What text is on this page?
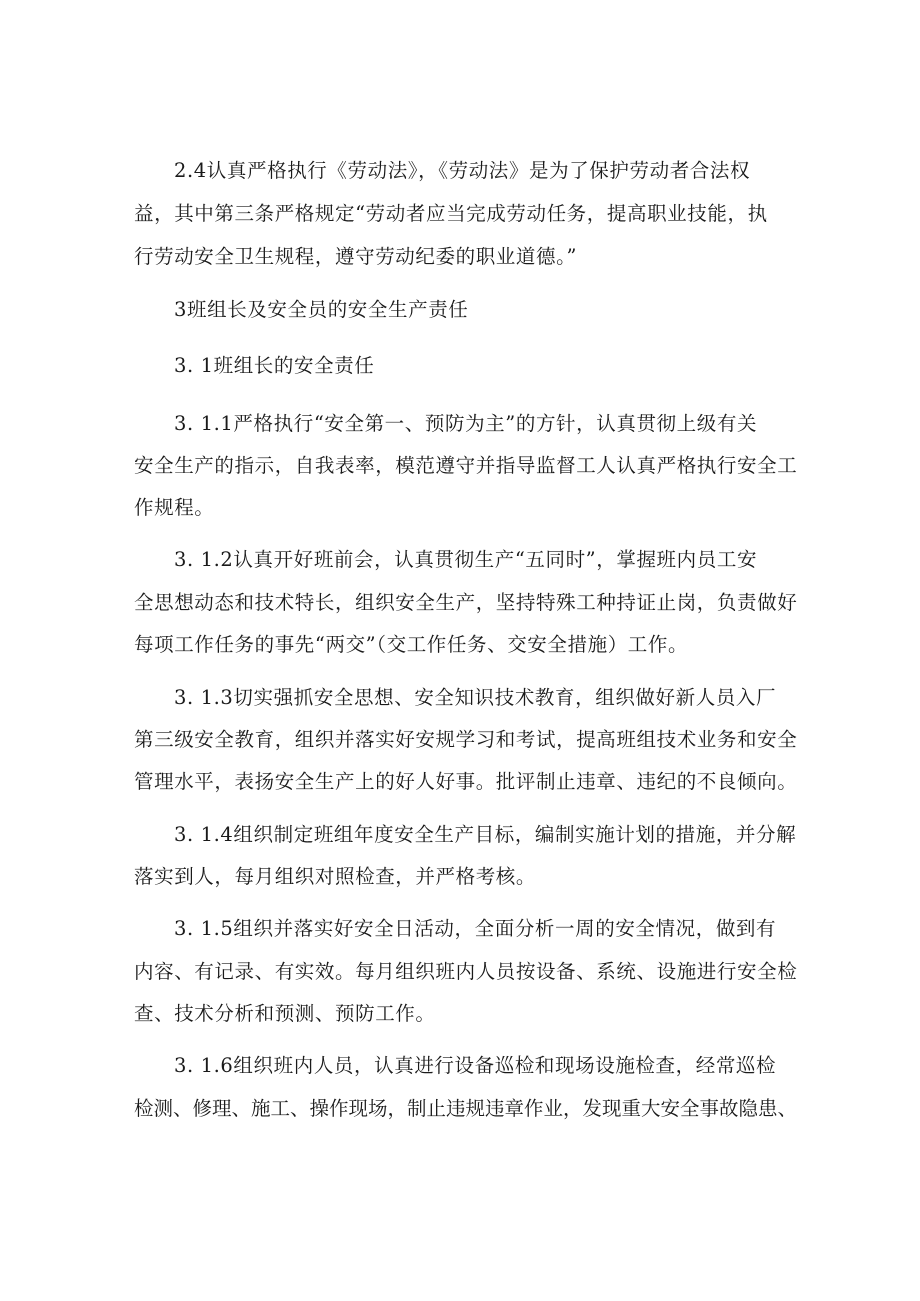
2.4认真严格执行《劳动法》，《劳动法》是为了保护劳动者合法权
益，其中第三条严格规定“劳动者应当完成劳动任务，提高职业技能，执
行劳动安全卫生规程，遵守劳动纪委的职业道德。”
3班组长及安全员的安全生产责任
3. 1班组长的安全责任
3. 1.1严格执行“安全第一、预防为主”的方针，认真贯彻上级有关
安全生产的指示，自我表率，模范遵守并指导监督工人认真严格执行安全工
作规程。
3. 1.2认真开好班前会，认真贯彻生产“五同时”，掌握班内员工安
全思想动态和技术特长，组织安全生产，坚持特殊工种持证止岗，负责做好
每项工作任务的事先“两交”（交工作任务、交安全措施）工作。
3. 1.3切实强抓安全思想、安全知识技术教育，组织做好新人员入厂
第三级安全教育，组织并落实好安规学习和考试，提高班组技术业务和安全
管理水平，表扬安全生产上的好人好事。批评制止违章、违纪的不良倾向。
3. 1.4组织制定班组年度安全生产目标，编制实施计划的措施，并分解
落实到人，每月组织对照检查，并严格考核。
3. 1.5组织并落实好安全日活动，全面分析一周的安全情况，做到有
内容、有记录、有实效。每月组织班内人员按设备、系统、设施进行安全检
查、技术分析和预测、预防工作。
3. 1.6组织班内人员，认真进行设备巡检和现场设施检查，经常巡检
检测、修理、施工、操作现场，制止违规违章作业，发现重大安全事故隐患、
